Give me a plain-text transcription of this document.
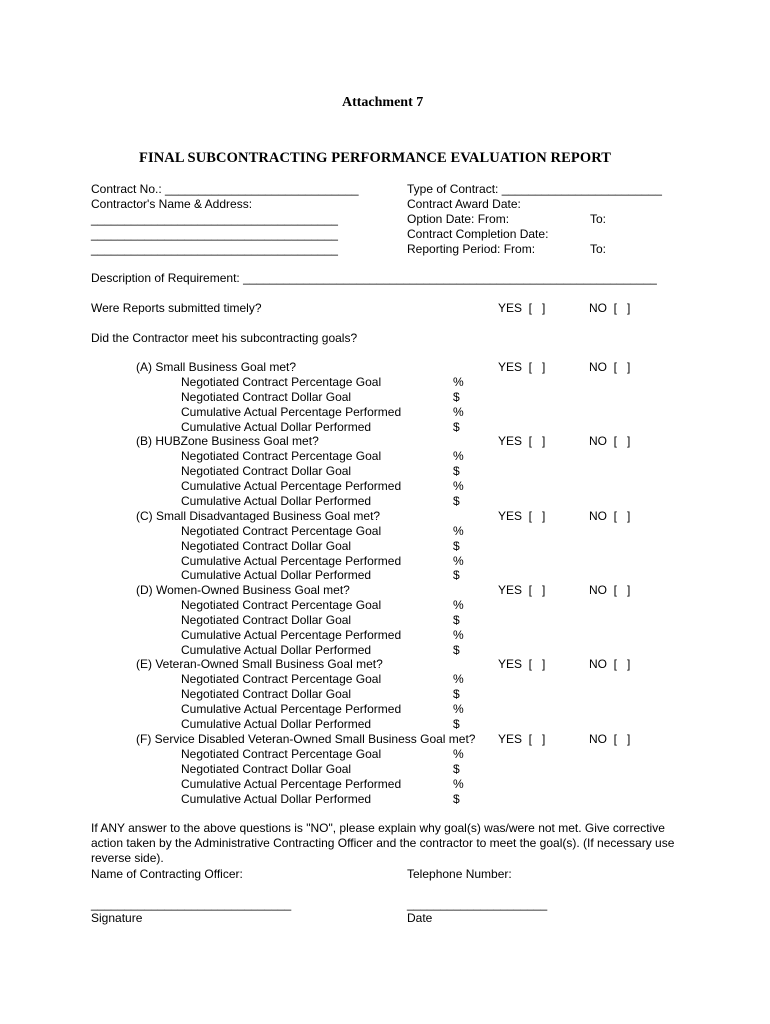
Attachment 7
FINAL SUBCONTRACTING PERFORMANCE EVALUATION REPORT
Contract No.: _____________________________
Contractor's Name & Address:
_____________________________________
_____________________________________
_____________________________________
Type of Contract: ________________________
Contract Award Date:
Option Date: From:	To:
Contract Completion Date:
Reporting Period: From:	To:
Description of Requirement: ______________________________________________________________
Were Reports submitted timely?	YES  [   ]	NO  [   ]
Did the Contractor meet his subcontracting goals?
(A) Small Business Goal met?	YES  [   ]	NO  [   ]
Negotiated Contract Percentage Goal	%
Negotiated Contract Dollar Goal	$
Cumulative Actual Percentage Performed	%
Cumulative Actual Dollar Performed	$
(B) HUBZone Business Goal met?	YES  [   ]	NO  [   ]
Negotiated Contract Percentage Goal	%
Negotiated Contract Dollar Goal	$
Cumulative Actual Percentage Performed	%
Cumulative Actual Dollar Performed	$
(C) Small Disadvantaged Business Goal met?	YES  [   ]	NO  [   ]
Negotiated Contract Percentage Goal	%
Negotiated Contract Dollar Goal	$
Cumulative Actual Percentage Performed	%
Cumulative Actual Dollar Performed	$
(D) Women-Owned Business Goal met?	YES  [   ]	NO  [   ]
Negotiated Contract Percentage Goal	%
Negotiated Contract Dollar Goal	$
Cumulative Actual Percentage Performed	%
Cumulative Actual Dollar Performed	$
(E) Veteran-Owned Small Business Goal met?	YES  [   ]	NO  [   ]
Negotiated Contract Percentage Goal	%
Negotiated Contract Dollar Goal	$
Cumulative Actual Percentage Performed	%
Cumulative Actual Dollar Performed	$
(F) Service Disabled Veteran-Owned Small Business Goal met? YES  [   ]	NO  [   ]
Negotiated Contract Percentage Goal	%
Negotiated Contract Dollar Goal	$
Cumulative Actual Percentage Performed	%
Cumulative Actual Dollar Performed	$
If ANY answer to the above questions is "NO", please explain why goal(s) was/were not met. Give corrective action taken by the Administrative Contracting Officer and the contractor to meet the goal(s). (If necessary use reverse side).
Name of Contracting Officer:	Telephone Number:
______________________________	_____________________
Signature	Date
